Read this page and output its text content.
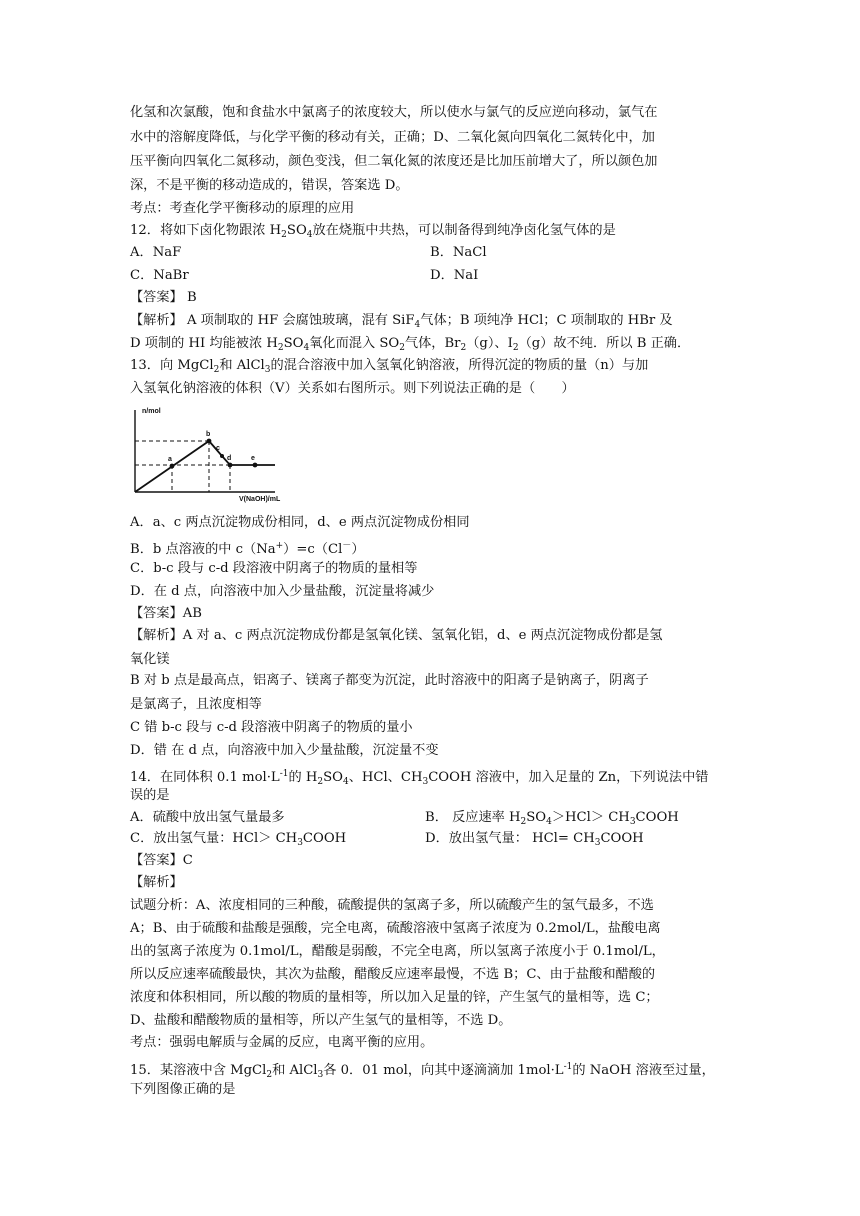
化氢和次氯酸，饱和食盐水中氯离子的浓度较大，所以使水与氯气的反应逆向移动，氯气在
水中的溶解度降低，与化学平衡的移动有关，正确；D、二氧化氮向四氧化二氮转化中，加
压平衡向四氧化二氮移动，颜色变浅，但二氧化氮的浓度还是比加压前增大了，所以颜色加
深，不是平衡的移动造成的，错误，答案选 D。
考点：考查化学平衡移动的原理的应用
12．将如下卤化物跟浓 $H_2SO_4$放在烧瓶中共热，可以制备得到纯净卤化氢气体的是
A．NaF	B．NaCl
C．NaBr	D．NaI
【答案】 B
【解析】 A 项制取的 HF 会腐蚀玻璃，混有 SiF$_4$气体；B 项纯净 HCl；C 项制取的 HBr 及
D 项制的 HI 均能被浓 $H_2SO_4$氧化而混入 $SO_2$气体，$Br_2(g)$、$I_2(g)$故不纯．所以 B 正确．
13．向 MgCl$_2$和 AlCl$_3$的混合溶液中加入氢氧化钠溶液，所得沉淀的物质的量（n）与加
入氢氧化钠溶液的体积（V）关系如右图所示。则下列说法正确的是（　　）
n/mol
V(NaOH)/mL
a
b
c
d	e
A．a、c 两点沉淀物成份相同，d、e 两点沉淀物成份相同
B．b 点溶液的中 c（Na+）=c（Cl－）
C．b-c 段与 c-d 段溶液中阴离子的物质的量相等
D．在 d 点，向溶液中加入少量盐酸，沉淀量将减少
【答案】AB
【解析】A 对 a、c 两点沉淀物成份都是氢氧化镁、氢氧化铝，d、e 两点沉淀物成份都是氢
氧化镁
B 对 b 点是最高点，铝离子、镁离子都变为沉淀，此时溶液中的阳离子是钠离子，阴离子
是氯离子，且浓度相等
C 错 b-c 段与 c-d 段溶液中阴离子的物质的量小
D．错 在 d 点，向溶液中加入少量盐酸，沉淀量不变
14．在同体积 0.1 $mol\cdot L^{-1}$的 $H_2SO_4$、HCl、$CH_3COOH$ 溶液中，加入足量的 Zn，下列说法中错
误的是
A．硫酸中放出氢气量最多	B． 反应速率 $H_2SO_4>HCl>$ $CH_3COOH$
C．放出氢气量：$HCl> CH_3COOH$	D．放出氢气量： $HCl= CH_3COOH$
【答案】C
【解析】
试题分析：A、浓度相同的三种酸，硫酸提供的氢离子多，所以硫酸产生的氢气最多，不选
A；B、由于硫酸和盐酸是强酸，完全电离，硫酸溶液中氢离子浓度为 0.2mol/L，盐酸电离
出的氢离子浓度为 0.1mol/L，醋酸是弱酸，不完全电离，所以氢离子浓度小于 0.1mol/L，
所以反应速率硫酸最快，其次为盐酸，醋酸反应速率最慢，不选 B；C、由于盐酸和醋酸的
浓度和体积相同，所以酸的物质的量相等，所以加入足量的锌，产生氢气的量相等，选 C；
D、盐酸和醋酸物质的量相等，所以产生氢气的量相等，不选 D。
考点：强弱电解质与金属的反应，电离平衡的应用。
15．某溶液中含 MgCl$_2$和 AlCl$_3$各 0．01 mol，向其中逐滴滴加 $1mol\cdot L^{-1}$的 NaOH 溶液至过量，
下列图像正确的是
